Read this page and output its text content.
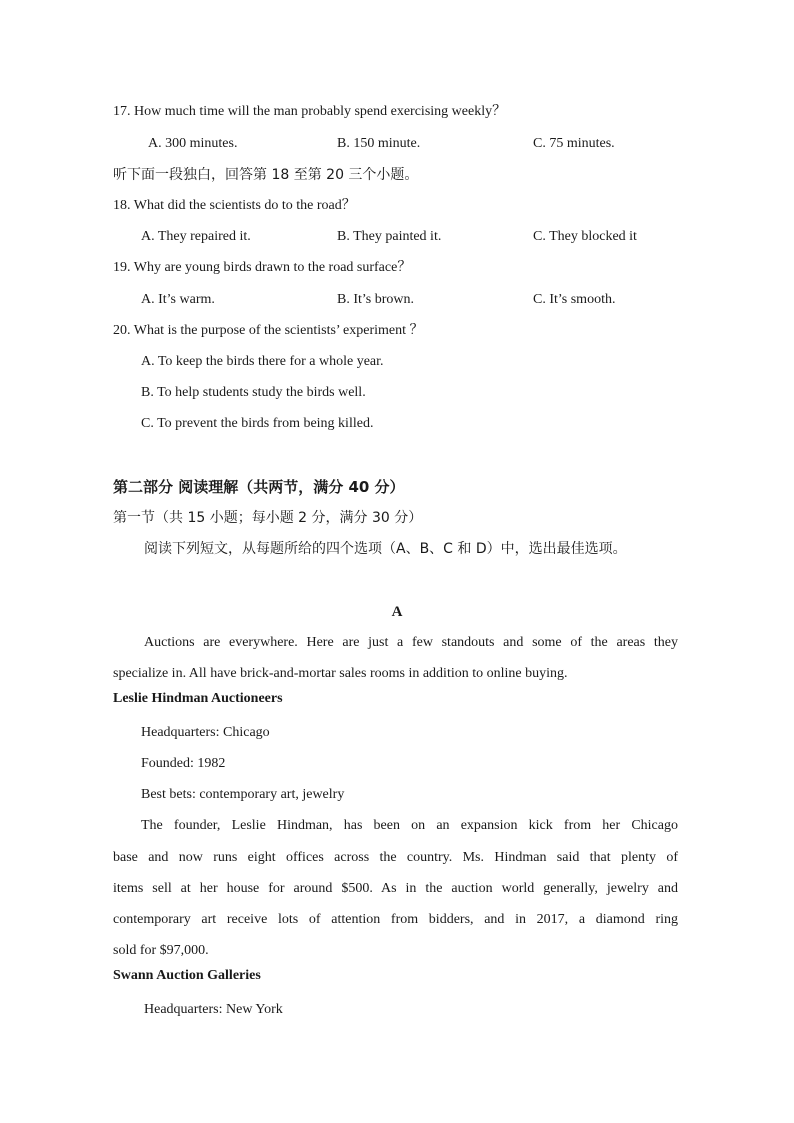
17. How much time will the man probably spend exercising weekly？
A. 300 minutes.	B. 150 minute.	C. 75 minutes.
听下面一段独白，回答第 18 至第 20 三个小题。
18. What did the scientists do to the road？
A. They repaired it.	B. They painted it.	C. They blocked it
19. Why are young birds drawn to the road surface？
A. It’s warm.	B. It’s brown.	C. It’s smooth.
20. What is the purpose of the scientists’ experiment ？
A. To keep the birds there for a whole year.
B. To help students study the birds well.
C. To prevent the birds from being killed.
第二部分 阅读理解（共两节，满分 40 分）
第一节（共 15 小题；每小题 2 分，满分 30 分）
阅读下列短文，从每题所给的四个选项（A、B、C 和 D）中，选出最佳选项。
A
Auctions are everywhere. Here are just a few standouts and some of the areas they
specialize in. All have brick-and-mortar sales rooms in addition to online buying.
Leslie Hindman Auctioneers
Headquarters: Chicago
Founded: 1982
Best bets: contemporary art, jewelry
The founder, Leslie Hindman, has been on an expansion kick from her Chicago
base and now runs eight offices across the country. Ms. Hindman said that plenty of
items sell at her house for around $500. As in the auction world generally, jewelry and
contemporary art receive lots of attention from bidders, and in 2017, a diamond ring
sold for $97,000.
Swann Auction Galleries
Headquarters: New York
